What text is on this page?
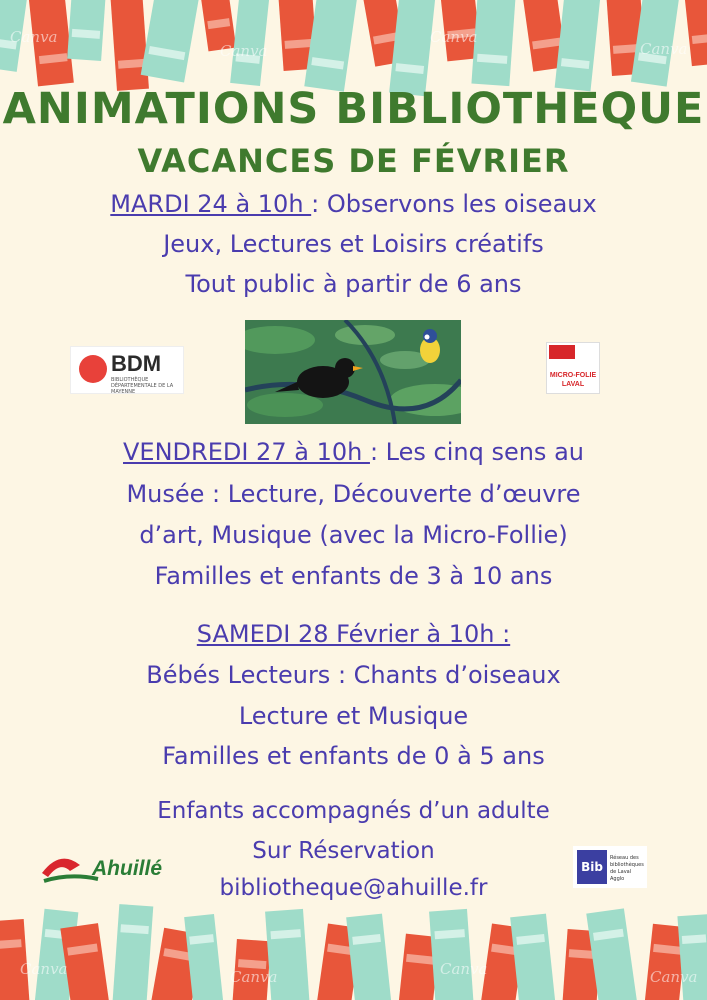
ANIMATIONS BIBLIOTHEQUE
VACANCES DE FÉVRIER
MARDI 24 à 10h : Observons les oiseaux
Jeux, Lectures et Loisirs créatifs
Tout public à partir de 6 ans
BDM
BIBLIOTHÈQUE DÉPARTEMENTALE DE LA MAYENNE
MICRO-FOLIE
LAVAL
VENDREDI 27 à 10h : Les cinq sens au
Musée : Lecture, Découverte d’œuvre
d’art, Musique (avec la Micro-Follie)
Familles et enfants de 3 à 10 ans
SAMEDI 28 Février à 10h :
Bébés Lecteurs : Chants d’oiseaux
Lecture et Musique
Familles et enfants de 0 à 5 ans
Enfants accompagnés d’un adulte
Sur Réservation
bibliotheque@ahuille.fr
Ahuillé	Bib
Réseau des bibliothèques de Laval Agglo
Canva
Canva
Canva
Canva
Canva	Canva	Canva	Canva
